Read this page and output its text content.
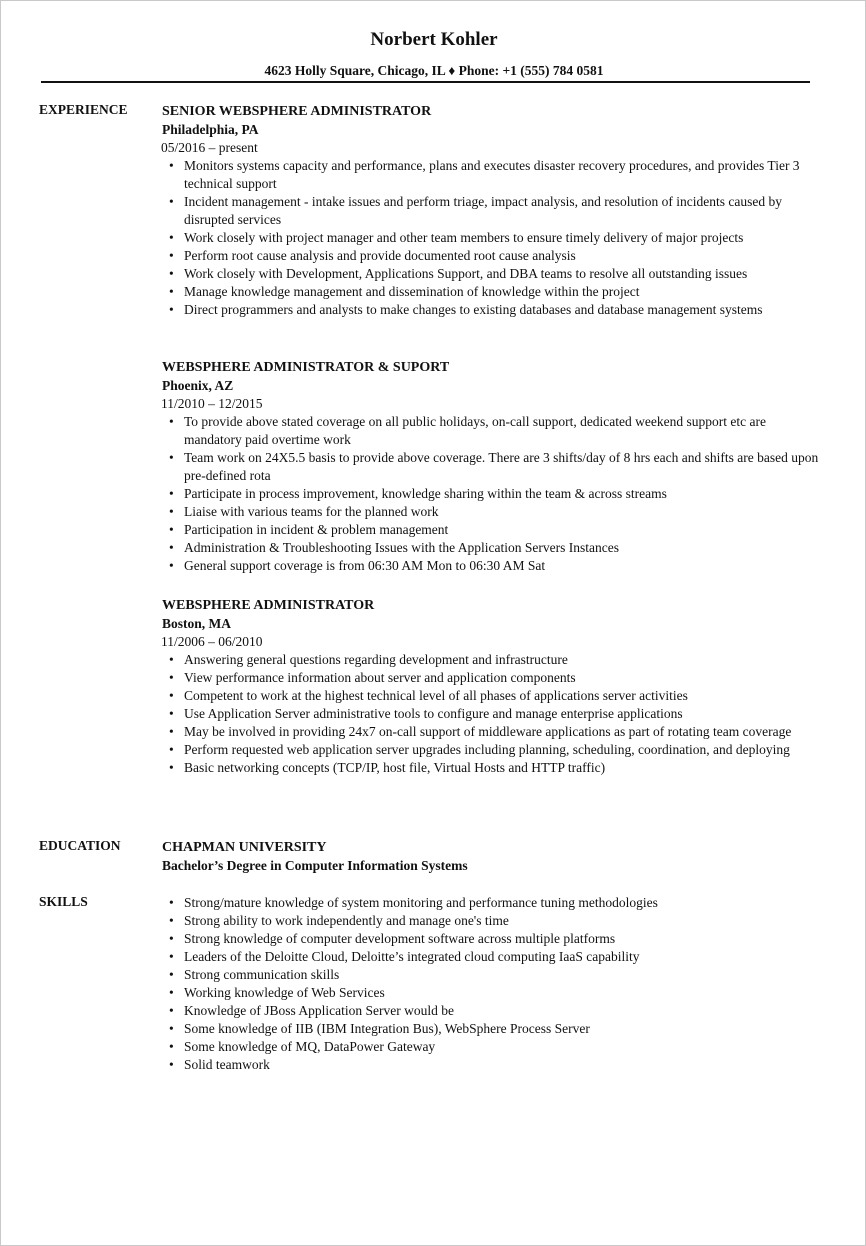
Norbert Kohler
4623 Holly Square, Chicago, IL ♦ Phone: +1 (555) 784 0581
EXPERIENCE SENIOR WEBSPHERE ADMINISTRATOR
Philadelphia, PA
05/2016 – present
• Monitors systems capacity and performance, plans and executes disaster recovery procedures, and provides Tier 3 technical support
• Incident management - intake issues and perform triage, impact analysis, and resolution of incidents caused by disrupted services
• Work closely with project manager and other team members to ensure timely delivery of major projects
• Perform root cause analysis and provide documented root cause analysis
• Work closely with Development, Applications Support, and DBA teams to resolve all outstanding issues
• Manage knowledge management and dissemination of knowledge within the project
• Direct programmers and analysts to make changes to existing databases and database management systems
WEBSPHERE ADMINISTRATOR & SUPORT
Phoenix, AZ
11/2010 – 12/2015
• To provide above stated coverage on all public holidays, on-call support, dedicated weekend support etc are mandatory paid overtime work
• Team work on 24X5.5 basis to provide above coverage. There are 3 shifts/day of 8 hrs each and shifts are based upon pre-defined rota
• Participate in process improvement, knowledge sharing within the team & across streams
• Liaise with various teams for the planned work
• Participation in incident & problem management
• Administration & Troubleshooting Issues with the Application Servers Instances
• General support coverage is from 06:30 AM Mon to 06:30 AM Sat
WEBSPHERE ADMINISTRATOR
Boston, MA
11/2006 – 06/2010
• Answering general questions regarding development and infrastructure
• View performance information about server and application components
• Competent to work at the highest technical level of all phases of applications server activities
• Use Application Server administrative tools to configure and manage enterprise applications
• May be involved in providing 24x7 on-call support of middleware applications as part of rotating team coverage
• Perform requested web application server upgrades including planning, scheduling, coordination, and deploying
• Basic networking concepts (TCP/IP, host file, Virtual Hosts and HTTP traffic)
EDUCATION	CHAPMAN UNIVERSITY
Bachelor’s Degree in Computer Information Systems
SKILLS	• Strong/mature knowledge of system monitoring and performance tuning methodologies
• Strong ability to work independently and manage one's time
• Strong knowledge of computer development software across multiple platforms
• Leaders of the Deloitte Cloud, Deloitte’s integrated cloud computing IaaS capability
• Strong communication skills
• Working knowledge of Web Services
• Knowledge of JBoss Application Server would be
• Some knowledge of IIB (IBM Integration Bus), WebSphere Process Server
• Some knowledge of MQ, DataPower Gateway
• Solid teamwork
